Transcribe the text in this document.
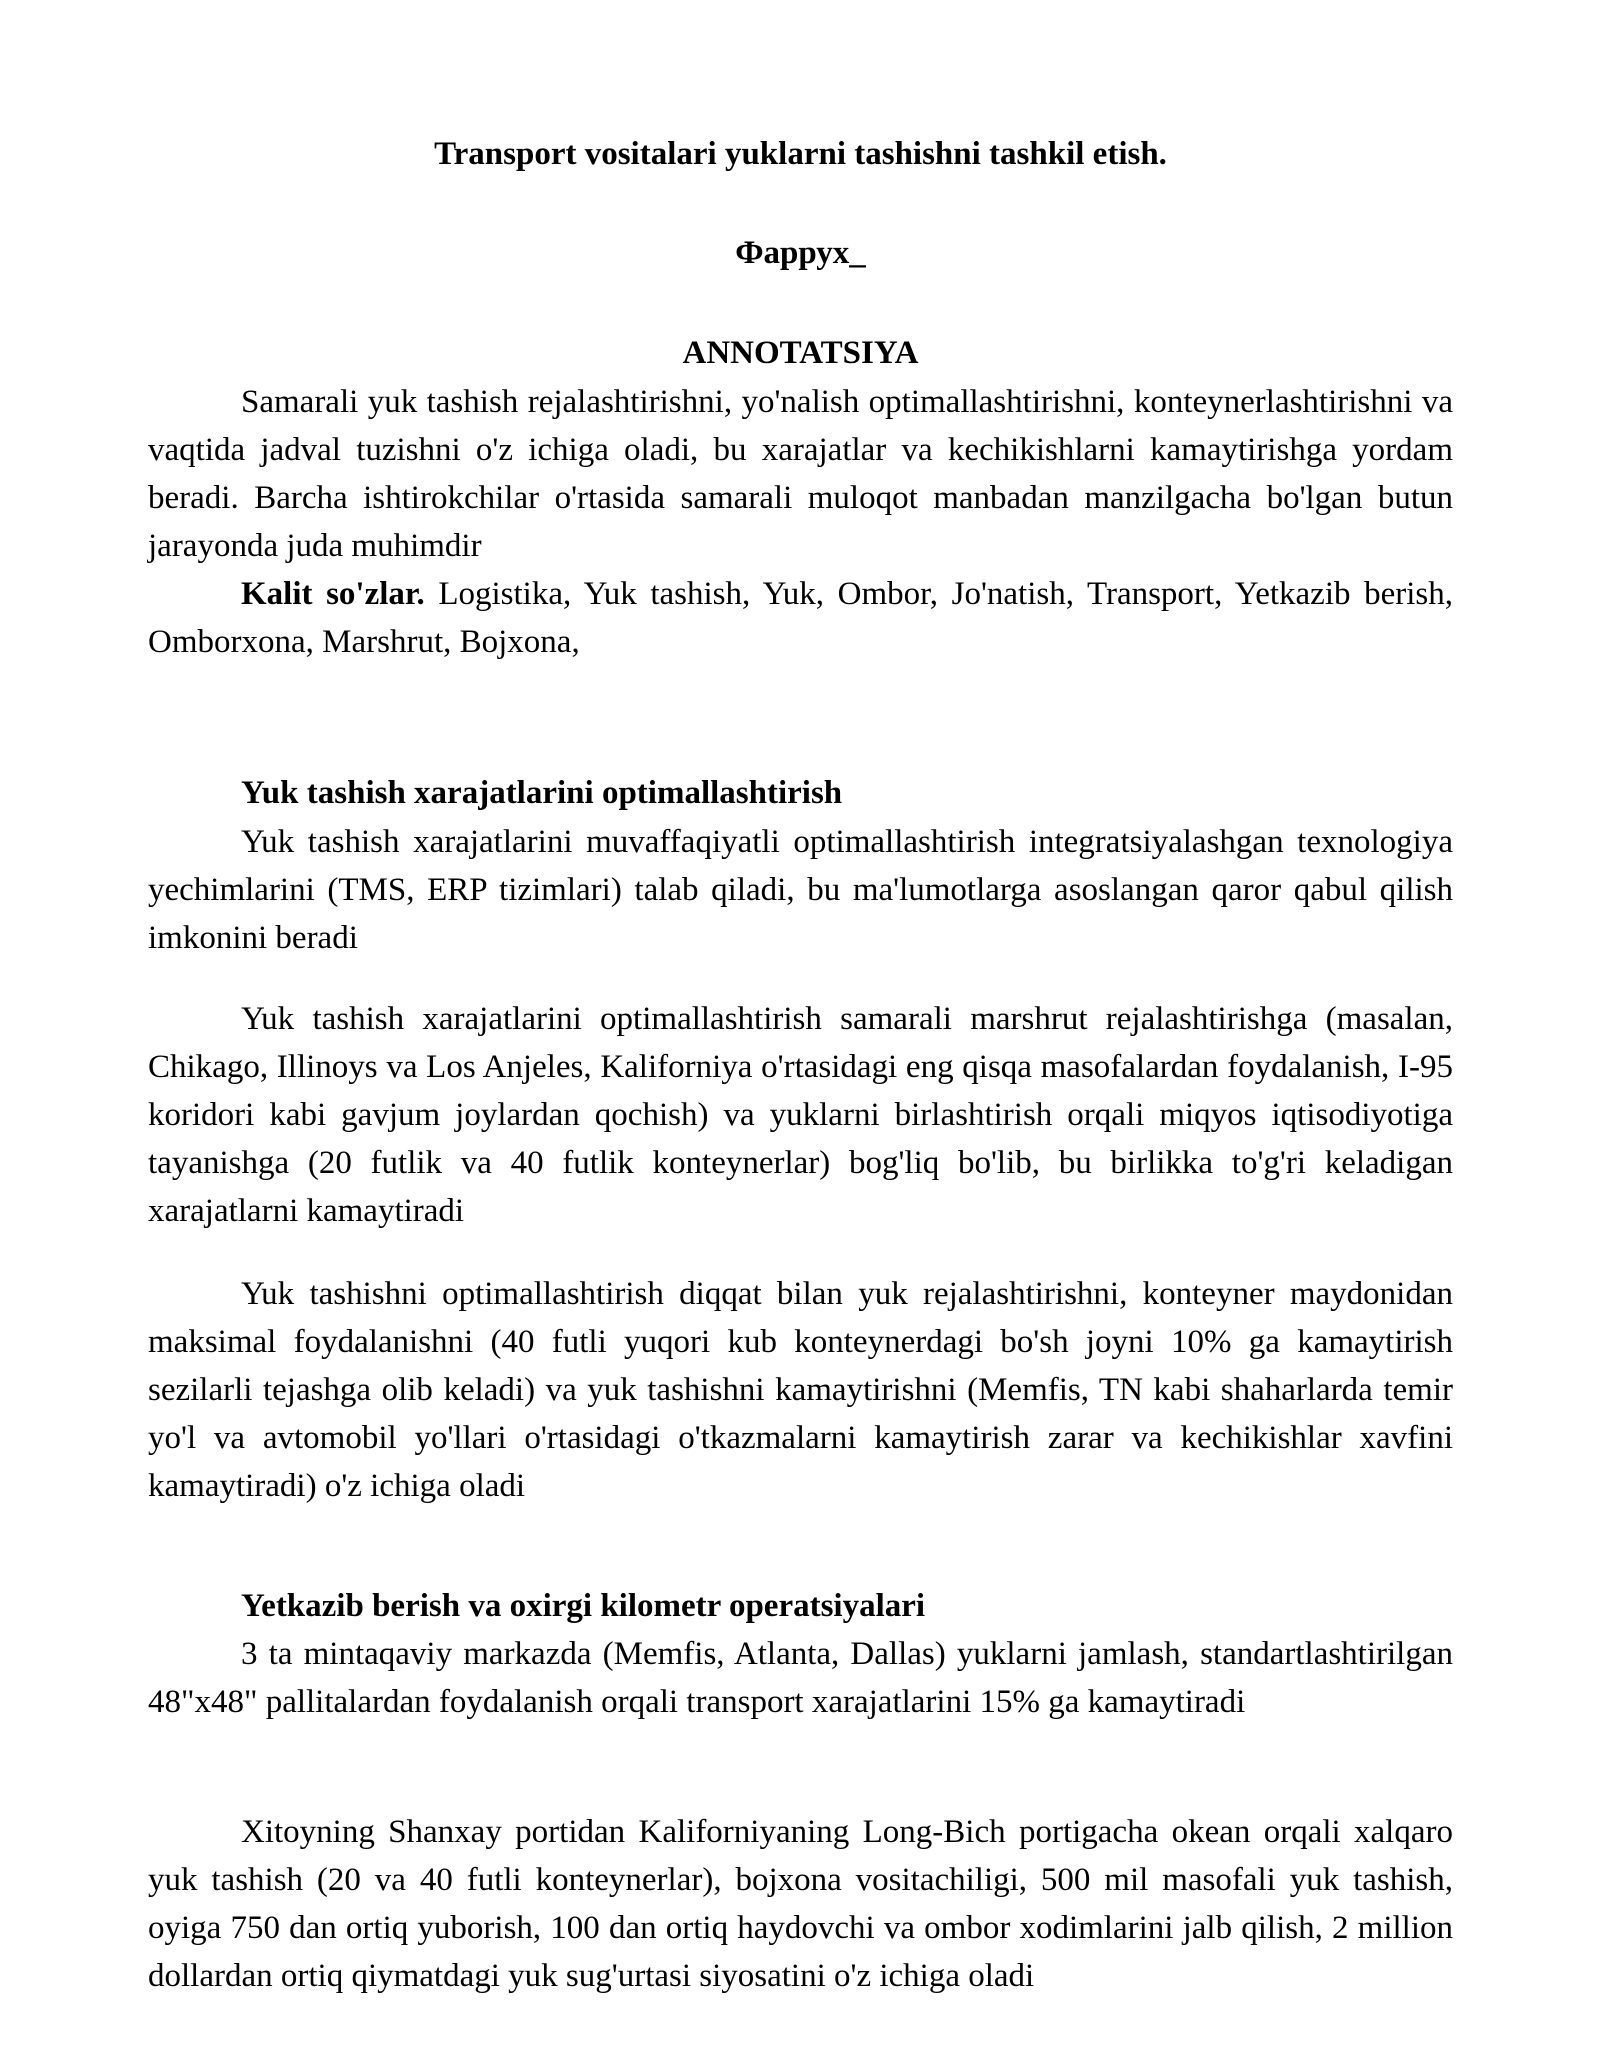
Transport vositalari yuklarni tashishni tashkil etish.
Фаррух_
ANNOTATSIYA

Samarali yuk tashish rejalashtirishni, yo'nalish optimallashtirishni, konteynerlashtirishni va vaqtida jadval tuzishni o'z ichiga oladi, bu xarajatlar va kechikishlarni kamaytirishga yordam beradi. Barcha ishtirokchilar o'rtasida samarali muloqot manbadan manzilgacha bo'lgan butun jarayonda juda muhimdir

Kalit so'zlar. Logistika, Yuk tashish, Yuk, Ombor, Jo'natish, Transport, Yetkazib berish, Omborxona, Marshrut, Bojxona,

Yuk tashish xarajatlarini optimallashtirish

Yuk tashish xarajatlarini muvaffaqiyatli optimallashtirish integratsiyalashgan texnologiya yechimlarini (TMS, ERP tizimlari) talab qiladi, bu ma'lumotlarga asoslangan qaror qabul qilish imkonini beradi

Yuk tashish xarajatlarini optimallashtirish samarali marshrut rejalashtirishga (masalan, Chikago, Illinoys va Los Anjeles, Kaliforniya o'rtasidagi eng qisqa masofalardan foydalanish, I-95 koridori kabi gavjum joylardan qochish) va yuklarni birlashtirish orqali miqyos iqtisodiyotiga tayanishga (20 futlik va 40 futlik konteynerlar) bog'liq bo'lib, bu birlikka to'g'ri keladigan xarajatlarni kamaytiradi

Yuk tashishni optimallashtirish diqqat bilan yuk rejalashtirishni, konteyner maydonidan maksimal foydalanishni (40 futli yuqori kub konteynerdagi bo'sh joyni 10% ga kamaytirish sezilarli tejashga olib keladi) va yuk tashishni kamaytirishni (Memfis, TN kabi shaharlarda temir yo'l va avtomobil yo'llari o'rtasidagi o'tkazmalarni kamaytirish zarar va kechikishlar xavfini kamaytiradi) o'z ichiga oladi

Yetkazib berish va oxirgi kilometr operatsiyalari

3 ta mintaqaviy markazda (Memfis, Atlanta, Dallas) yuklarni jamlash, standartlashtirilgan 48"x48" pallitalardan foydalanish orqali transport xarajatlarini 15% ga kamaytiradi

Xitoyning Shanxay portidan Kaliforniyaning Long-Bich portigacha okean orqali xalqaro yuk tashish (20 va 40 futli konteynerlar), bojxona vositachiligi, 500 mil masofali yuk tashish, oyiga 750 dan ortiq yuborish, 100 dan ortiq haydovchi va ombor xodimlarini jalb qilish, 2 million dollardan ortiq qiymatdagi yuk sug'urtasi siyosatini o'z ichiga oladi
